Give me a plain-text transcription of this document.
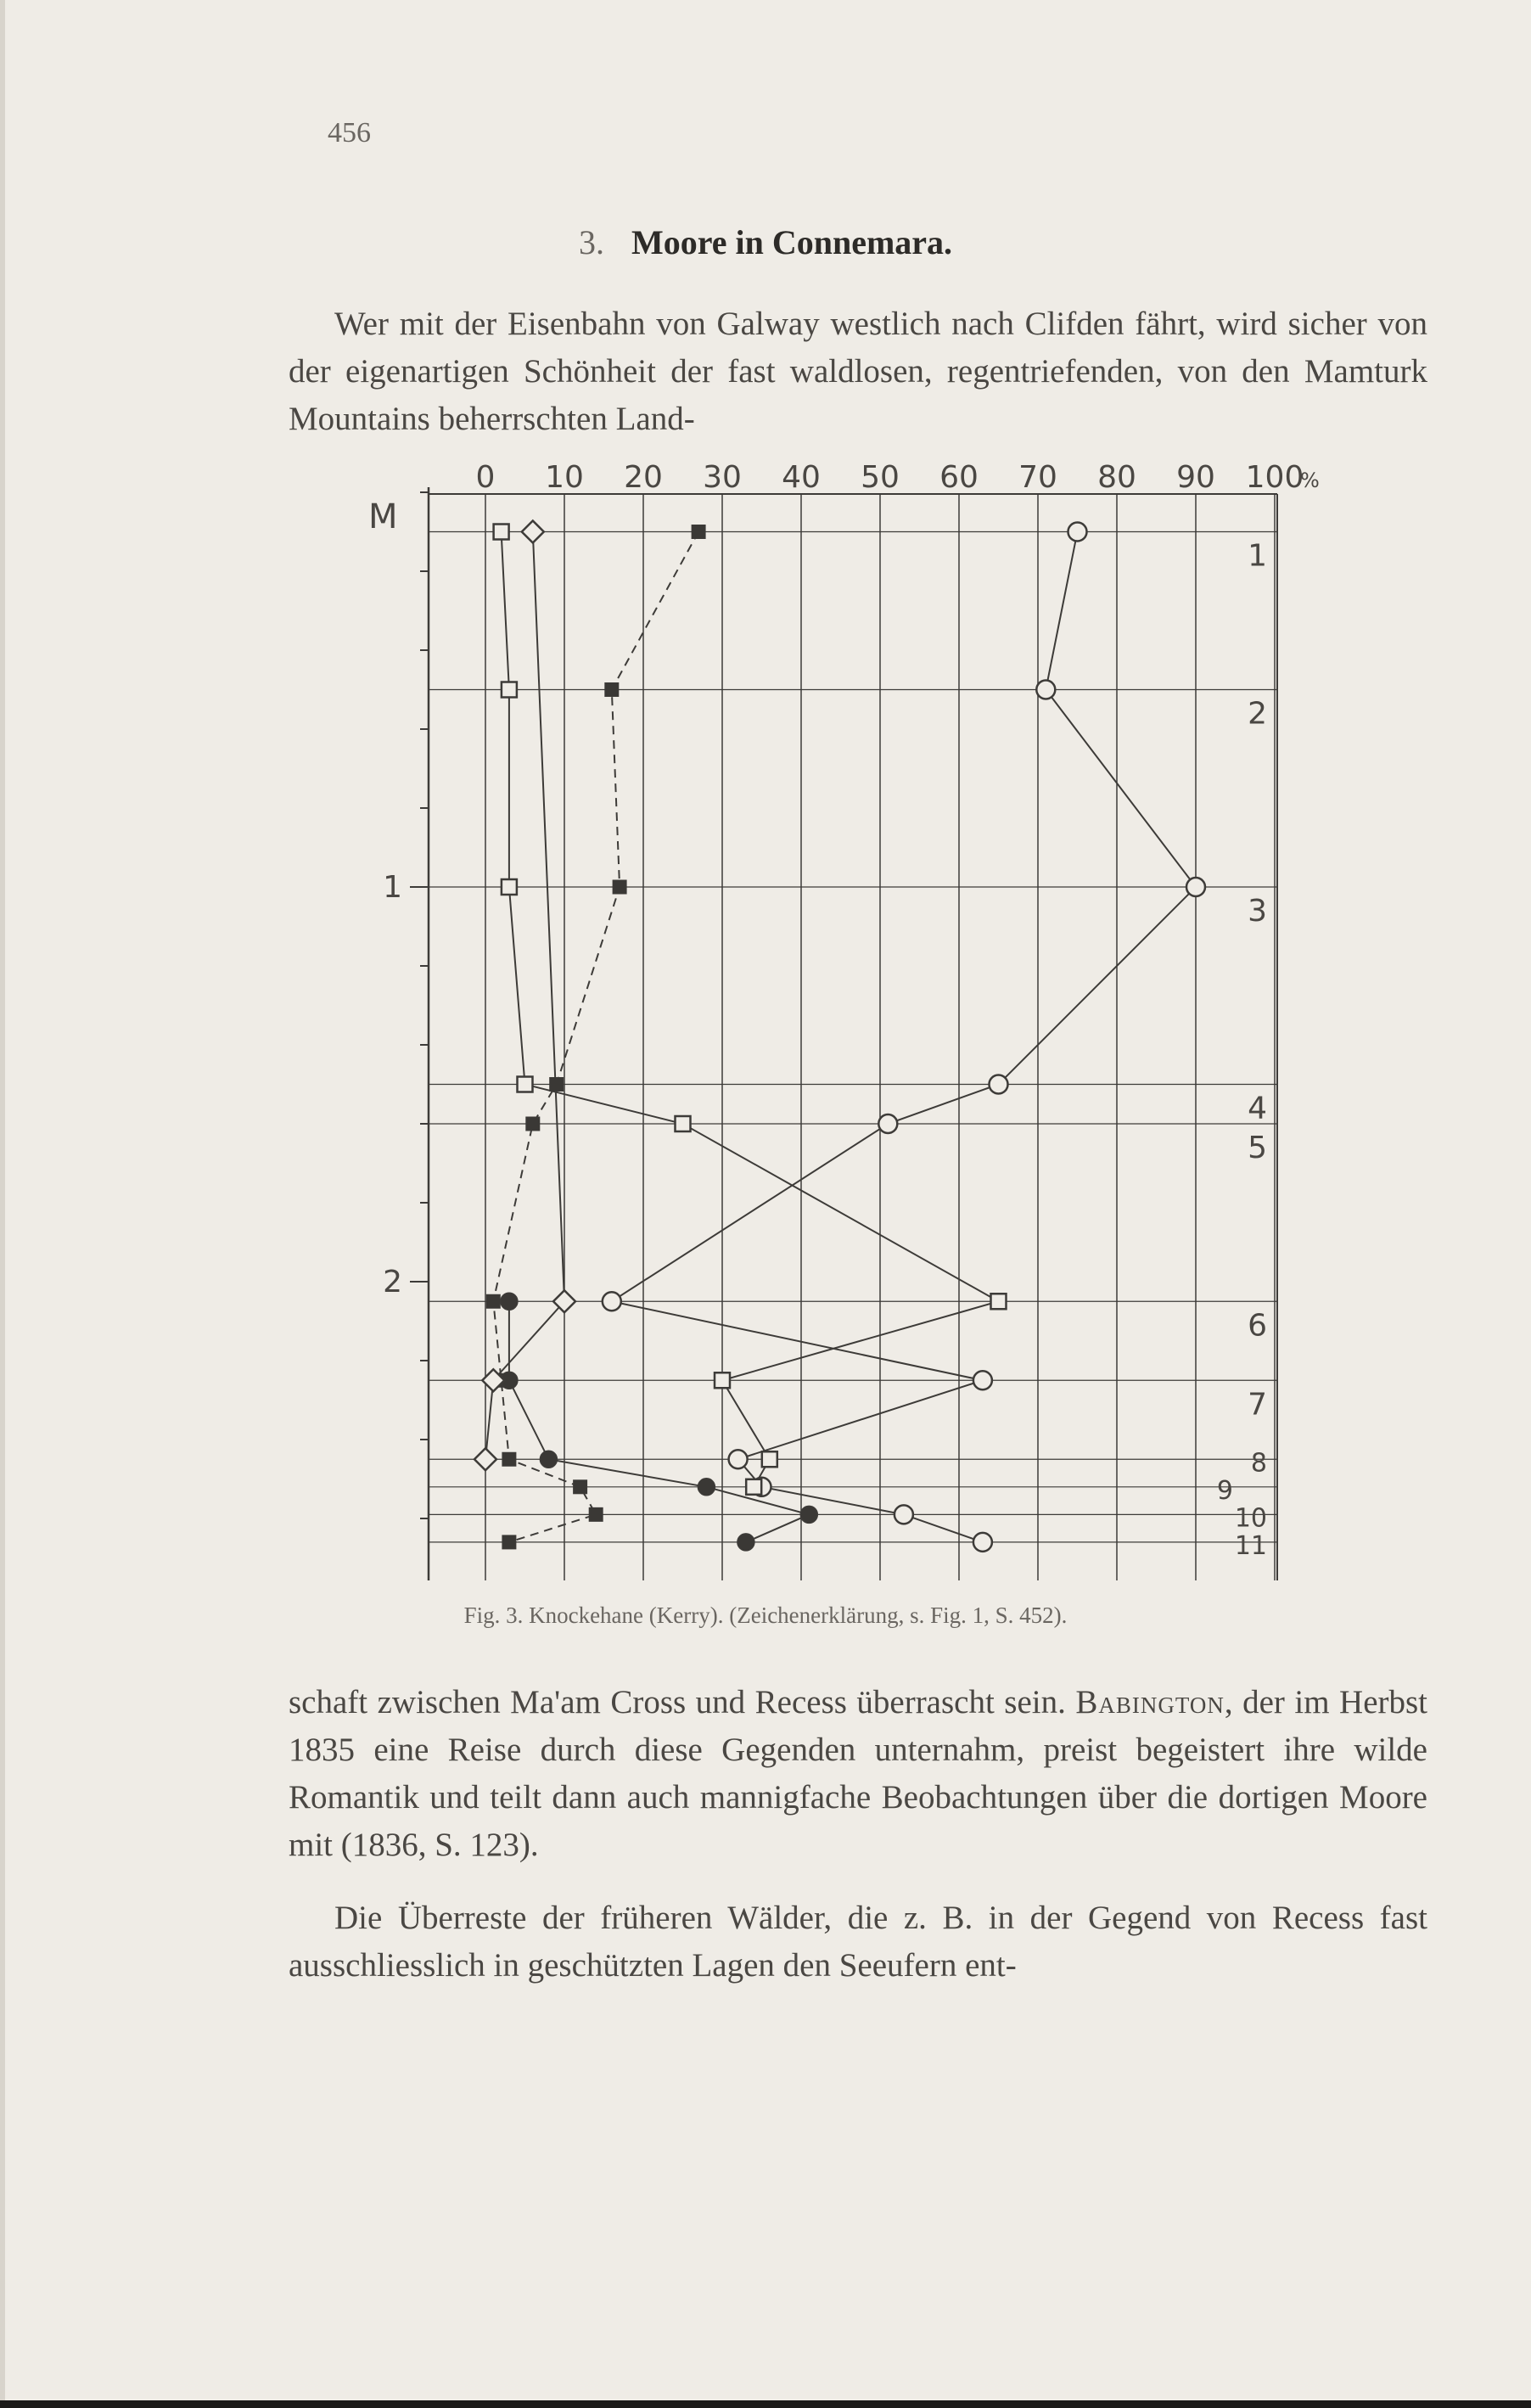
456
3. Moore in Connemara.
Wer mit der Eisenbahn von Galway westlich nach Clifden fährt, wird sicher von der eigenartigen Schönheit der fast waldlosen, regentriefenden, von den Mamturk Mountains beherrschten Land-
0 10 20 30 40 50 60 70 80 90 100
%
M
1
2
1
2
3
4
5
6
7
8
9
10
11
Fig. 3. Knockehane (Kerry). (Zeichenerklärung, s. Fig. 1, S. 452).
schaft zwischen Ma'am Cross und Recess überrascht sein. Babington, der im Herbst 1835 eine Reise durch diese Gegenden unternahm, preist begeistert ihre wilde Romantik und teilt dann auch mannigfache Beobachtungen über die dortigen Moore mit (1836, S. 123).
Die Überreste der früheren Wälder, die z. B. in der Gegend von Recess fast ausschliesslich in geschützten Lagen den Seeufern ent-
